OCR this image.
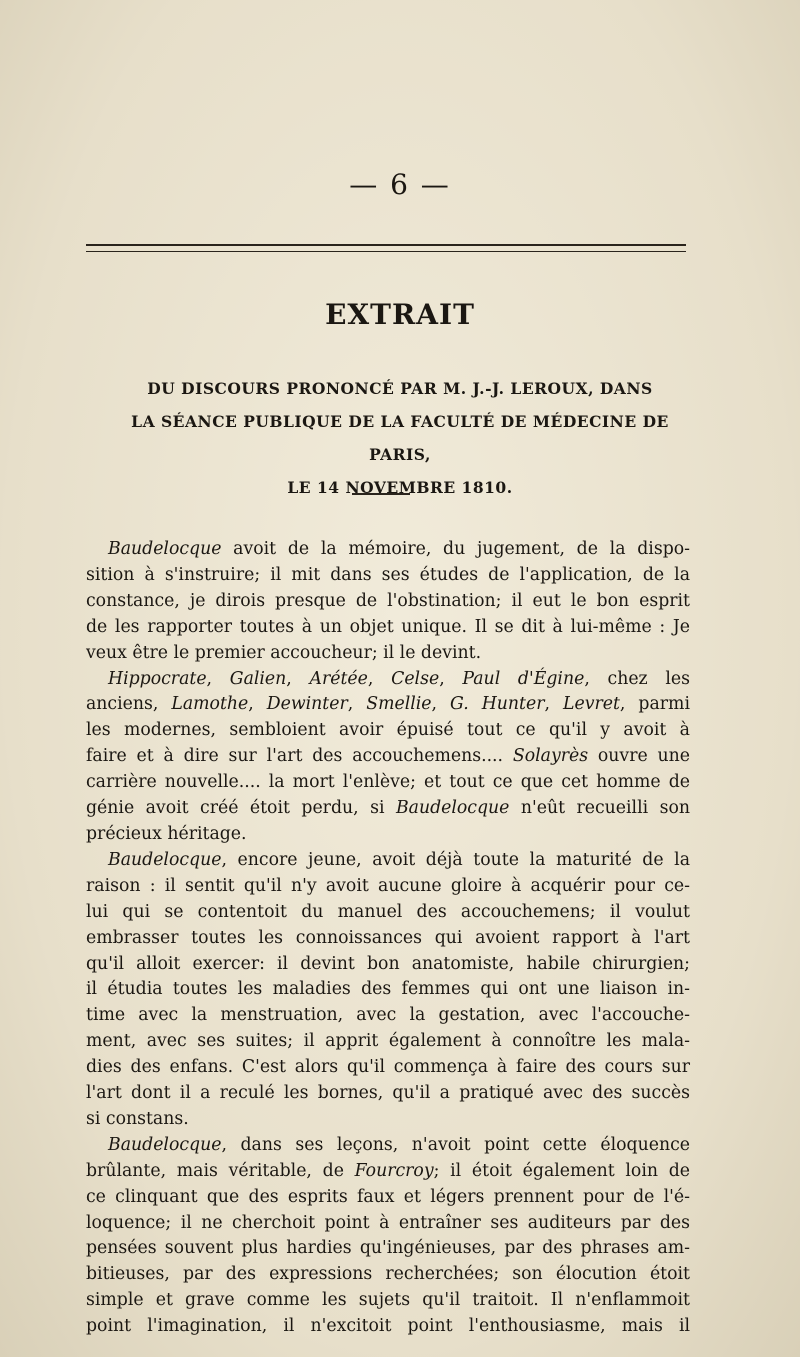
— 6 —
EXTRAIT
DU DISCOURS PRONONCÉ PAR M. J.-J. LEROUX, DANS
LA SÉANCE PUBLIQUE DE LA FACULTÉ DE MÉDECINE DE PARIS,
LE 14 NOVEMBRE 1810.

Baudelocque avoit de la mémoire, du jugement, de la dispo-
sition à s'instruire; il mit dans ses études de l'application, de la
constance, je dirois presque de l'obstination; il eut le bon esprit
de les rapporter toutes à un objet unique. Il se dit à lui-même : Je
veux être le premier accoucheur; il le devint.

Hippocrate, Galien, Arétée, Celse, Paul d'Égine, chez les
anciens, Lamothe, Dewinter, Smellie, G. Hunter, Levret, parmi
les modernes, sembloient avoir épuisé tout ce qu'il y avoit à
faire et à dire sur l'art des accouchemens.... Solayrès ouvre une
carrière nouvelle.... la mort l'enlève; et tout ce que cet homme de
génie avoit créé étoit perdu, si Baudelocque n'eût recueilli son
précieux héritage.

Baudelocque, encore jeune, avoit déjà toute la maturité de la
raison : il sentit qu'il n'y avoit aucune gloire à acquérir pour ce-
lui qui se contentoit du manuel des accouchemens; il voulut
embrasser toutes les connoissances qui avoient rapport à l'art
qu'il alloit exercer: il devint bon anatomiste, habile chirurgien;
il étudia toutes les maladies des femmes qui ont une liaison in-
time avec la menstruation, avec la gestation, avec l'accouche-
ment, avec ses suites; il apprit également à connoître les mala-
dies des enfans. C'est alors qu'il commença à faire des cours sur
l'art dont il a reculé les bornes, qu'il a pratiqué avec des succès
si constans.

Baudelocque, dans ses leçons, n'avoit point cette éloquence
brûlante, mais véritable, de Fourcroy; il étoit également loin de
ce clinquant que des esprits faux et légers prennent pour de l'é-
loquence; il ne cherchoit point à entraîner ses auditeurs par des
pensées souvent plus hardies qu'ingénieuses, par des phrases am-
bitieuses, par des expressions recherchées; son élocution étoit
simple et grave comme les sujets qu'il traitoit. Il n'enflammoit
point l'imagination, il n'excitoit point l'enthousiasme, mais il
